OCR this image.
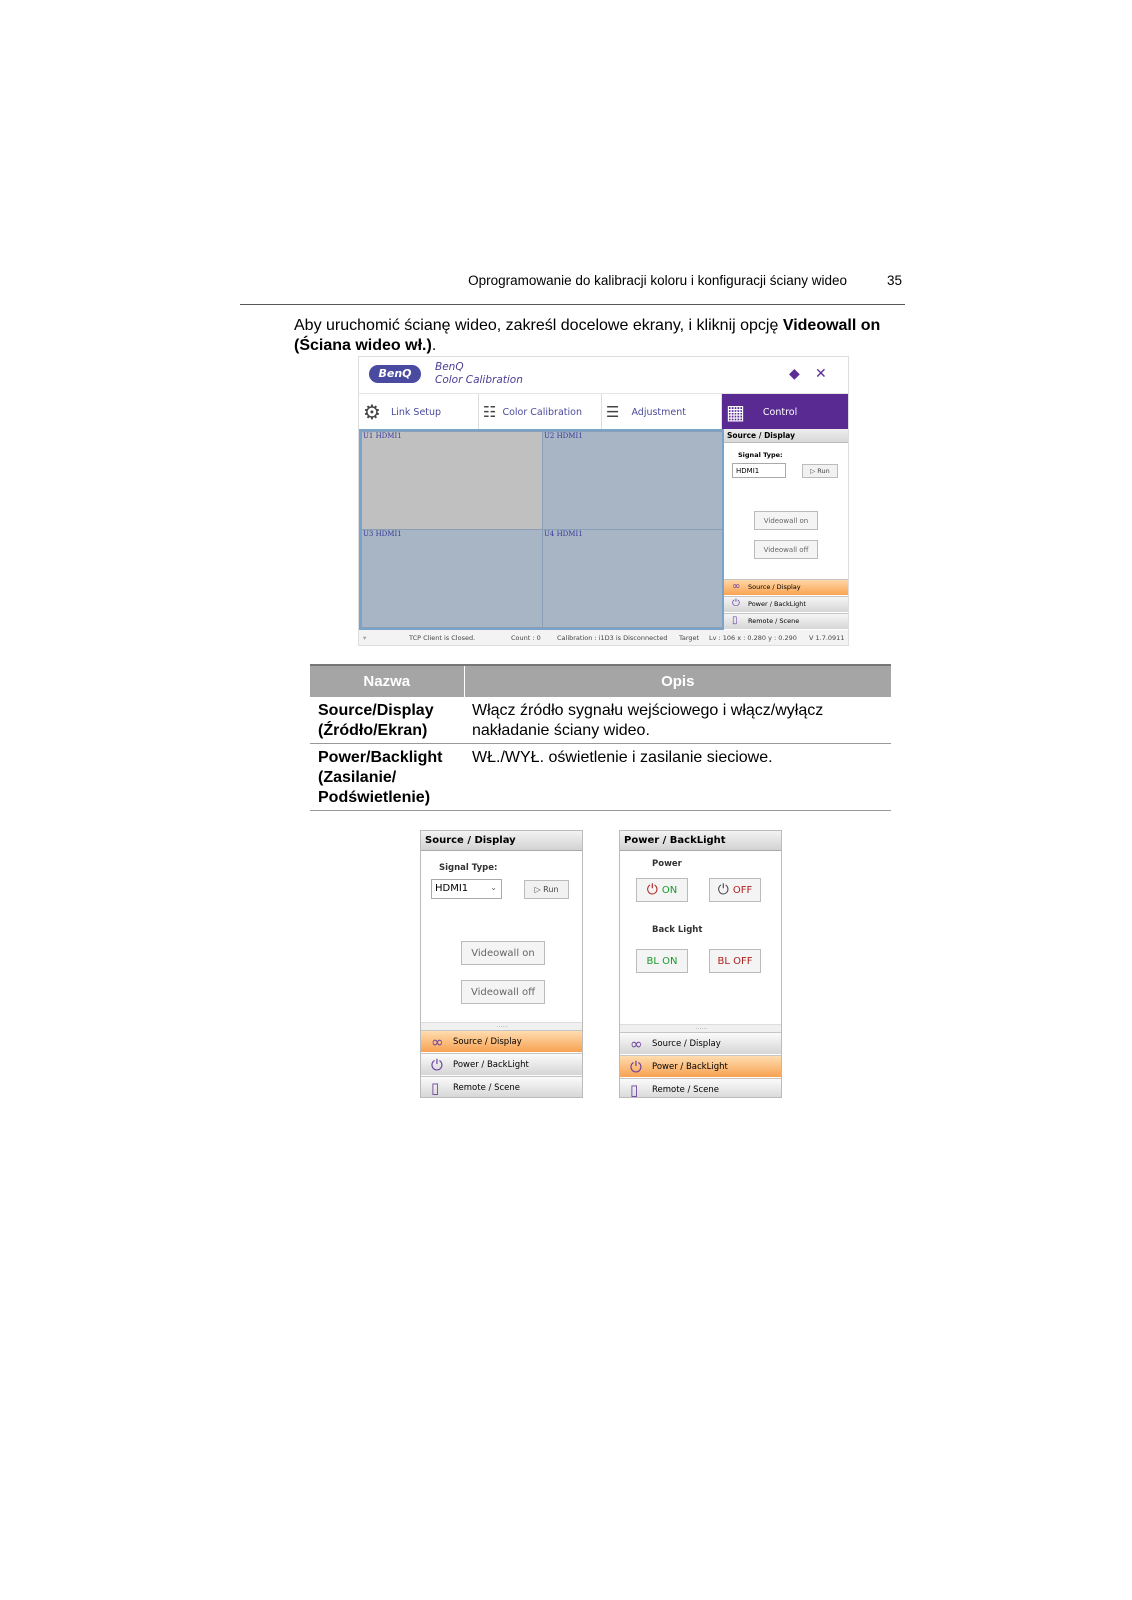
Oprogramowanie do kalibracji koloru i konfiguracji ściany wideo	35

Aby uruchomić ścianę wideo, zakreśl docelowe ekrany, i kliknij opcję Videowall on (Ściana wideo wł.).

BenQ	BenQ
Color Calibration	◆ ✕
⚙ Link Setup	☷ Color Calibration ☰ Adjustment ▦ Control
U1 HDMI1	U2 HDMI1
U3 HDMI1	U4 HDMI1
Source / Display
Signal Type:
HDMI1	▷ Run
Videowall on
Videowall off
∞ Source / Display
⏻ Power / BackLight
▯ Remote / Scene
▾	TCP Client is Closed.	Count : 0 Calibration : i1D3 is Disconnected Target Lv : 106 x : 0.280 y : 0.290 V 1.7.0911
Nazwa	Opis
Source/Display (Źródło/Ekran)	Włącz źródło sygnału wejściowego i włącz/wyłącz nakładanie ściany wideo.
Power/Backlight (Zasilanie/ Podświetlenie)	WŁ./WYŁ. oświetlenie i zasilanie sieciowe.
Source / Display
Signal Type:
HDMI1	⌄	▷ Run
Videowall on
Videowall off
......
∞ Source / Display
⏻ Power / BackLight
▯ Remote / Scene
Power / BackLight
Power
⏻ ON	⏻ OFF
Back Light
BL ON	BL OFF
......
∞ Source / Display
⏻ Power / BackLight
▯ Remote / Scene
